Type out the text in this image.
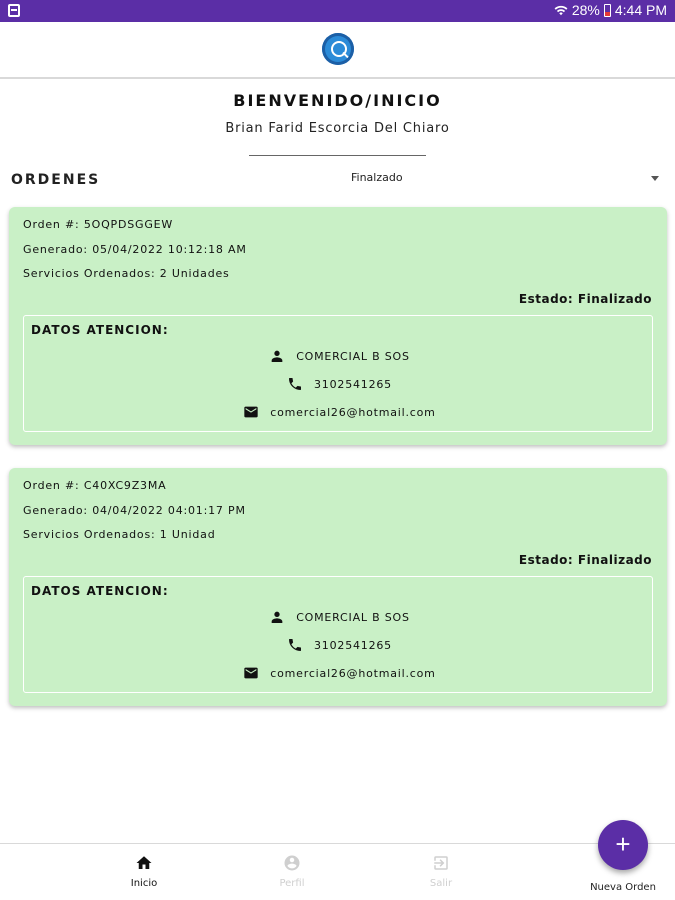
28% 4:44 PM
BIENVENIDO/INICIO
Brian Farid Escorcia Del Chiaro
ORDENES	Finalzado
Orden #: 5OQPDSGGEW
Generado: 05/04/2022 10:12:18 AM
Servicios Ordenados: 2 Unidades
Estado: Finalizado
DATOS ATENCION:
COMERCIAL B SOS
3102541265
comercial26@hotmail.com
Orden #: C40XC9Z3MA
Generado: 04/04/2022 04:01:17 PM
Servicios Ordenados: 1 Unidad
Estado: Finalizado
DATOS ATENCION:
COMERCIAL B SOS
3102541265
comercial26@hotmail.com
Inicio	Perfil	Salir
+
Nueva Orden
